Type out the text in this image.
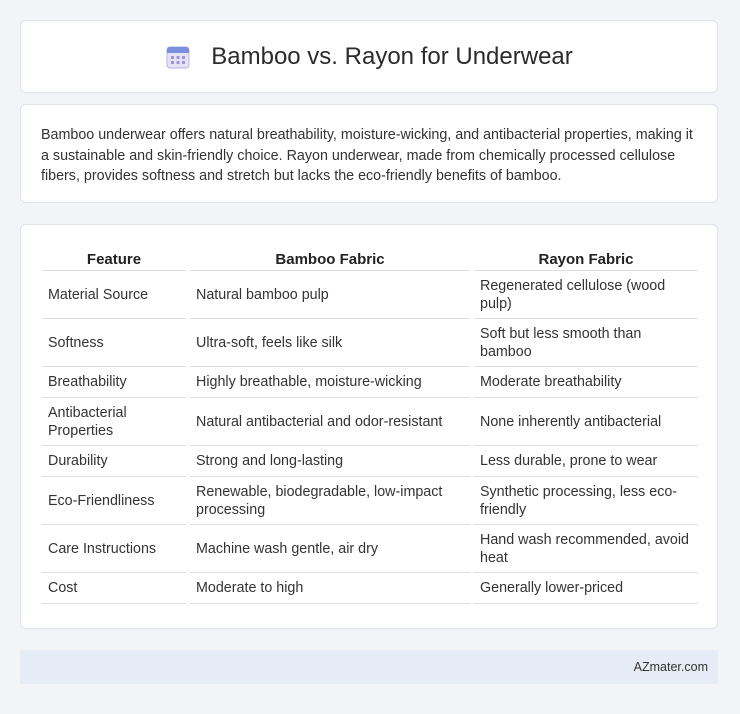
Bamboo vs. Rayon for Underwear

Bamboo underwear offers natural breathability, moisture-wicking, and antibacterial properties, making it a sustainable and skin-friendly choice. Rayon underwear, made from chemically processed cellulose fibers, provides softness and stretch but lacks the eco-friendly benefits of bamboo.

Feature	Bamboo Fabric	Rayon Fabric
Material Source	Natural bamboo pulp	Regenerated cellulose (wood pulp)
Softness	Ultra-soft, feels like silk	Soft but less smooth than bamboo
Breathability	Highly breathable, moisture-wicking	Moderate breathability
Antibacterial Properties	Natural antibacterial and odor-resistant	None inherently antibacterial
Durability	Strong and long-lasting	Less durable, prone to wear
Eco-Friendliness	Renewable, biodegradable, low-impact processing	Synthetic processing, less eco-friendly
Care Instructions	Machine wash gentle, air dry	Hand wash recommended, avoid heat
Cost	Moderate to high	Generally lower-priced
AZmater.com
